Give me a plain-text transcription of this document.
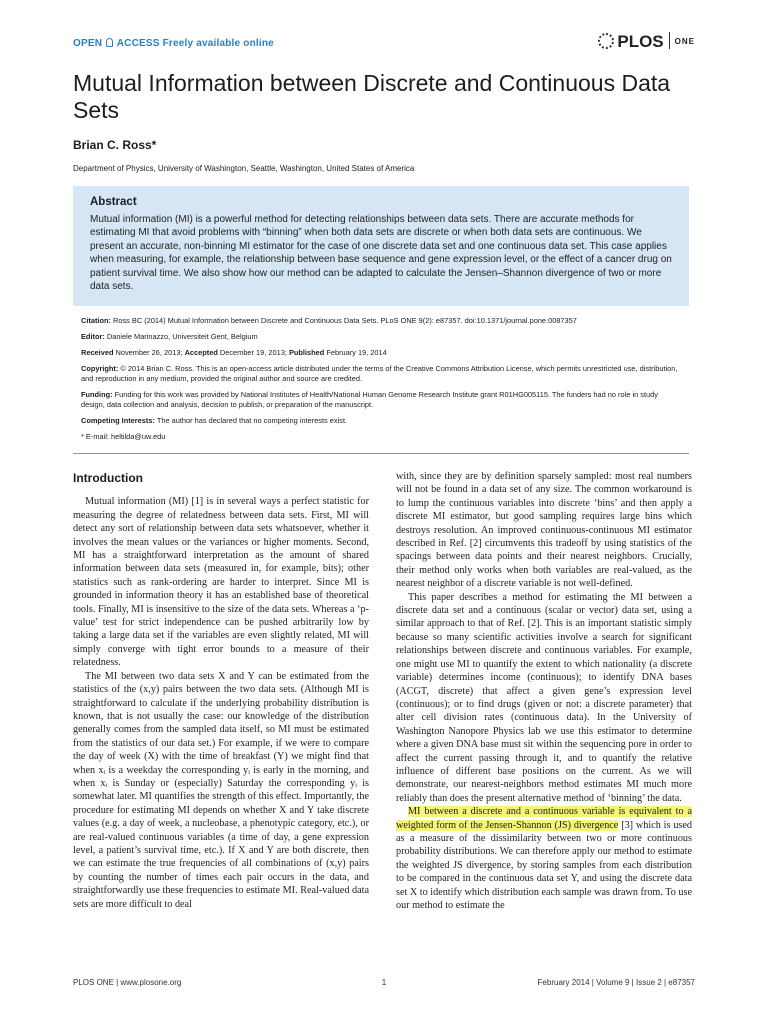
OPEN ACCESS Freely available online	PLOS ONE
Mutual Information between Discrete and Continuous Data Sets
Brian C. Ross*
Department of Physics, University of Washington, Seattle, Washington, United States of America
Abstract

Mutual information (MI) is a powerful method for detecting relationships between data sets. There are accurate methods for estimating MI that avoid problems with “binning” when both data sets are discrete or when both data sets are continuous. We present an accurate, non-binning MI estimator for the case of one discrete data set and one continuous data set. This case applies when measuring, for example, the relationship between base sequence and gene expression level, or the effect of a cancer drug on patient survival time. We also show how our method can be adapted to calculate the Jensen–Shannon divergence of two or more data sets.

Citation: Ross BC (2014) Mutual Information between Discrete and Continuous Data Sets. PLoS ONE 9(2): e87357. doi:10.1371/journal.pone.0087357
Editor: Daniele Marinazzo, Universiteit Gent, Belgium
Received November 26, 2013; Accepted December 19, 2013; Published February 19, 2014
Copyright: © 2014 Brian C. Ross. This is an open-access article distributed under the terms of the Creative Commons Attribution License, which permits unrestricted use, distribution, and reproduction in any medium, provided the original author and source are credited.
Funding: Funding for this work was provided by National Institutes of Health/National Human Genome Research Institute grant R01HG005115. The funders had no role in study design, data collection and analysis, decision to publish, or preparation of the manuscript.
Competing Interests: The author has declared that no competing interests exist.
* E-mail: heltilda@uw.edu
Introduction

Mutual information (MI) [1] is in several ways a perfect statistic for measuring the degree of relatedness between data sets. First, MI will detect any sort of relationship between data sets whatsoever, whether it involves the mean values or the variances or higher moments. Second, MI has a straightforward interpretation as the amount of shared information between data sets (measured in, for example, bits); other statistics such as rank-ordering are harder to interpret. Since MI is grounded in information theory it has an established base of theoretical tools. Finally, MI is insensitive to the size of the data sets. Whereas a ‘p-value’ test for strict independence can be pushed arbitrarily low by taking a large data set if the variables are even slightly related, MI will simply converge with tight error bounds to a measure of their relatedness.

The MI between two data sets X and Y can be estimated from the statistics of the (x,y) pairs between the two data sets. (Although MI is straightforward to calculate if the underlying probability distribution is known, that is not usually the case: our knowledge of the distribution generally comes from the sampled data itself, so MI must be estimated from the statistics of our data set.) For example, if we were to compare the day of week (X) with the time of breakfast (Y) we might find that when xᵢ is a weekday the corresponding yᵢ is early in the morning, and when xᵢ is Sunday or (especially) Saturday the corresponding yᵢ is somewhat later. MI quantifies the strength of this effect. Importantly, the procedure for estimating MI depends on whether X and Y take discrete values (e.g. a day of week, a nucleobase, a phenotypic category, etc.), or are real-valued continuous variables (a time of day, a gene expression level, a patient’s survival time, etc.). If X and Y are both discrete, then we can estimate the true frequencies of all combinations of (x,y) pairs by counting the number of times each pair occurs in the data, and straightforwardly use these frequencies to estimate MI. Real-valued data sets are more difficult to deal

with, since they are by definition sparsely sampled: most real numbers will not be found in a data set of any size. The common workaround is to lump the continuous variables into discrete ‘bins’ and then apply a discrete MI estimator, but good sampling requires large bins which destroys resolution. An improved continuous-continuous MI estimator described in Ref. [2] circumvents this tradeoff by using statistics of the spacings between data points and their nearest neighbors. Crucially, their method only works when both variables are real-valued, as the nearest neighbor of a discrete variable is not well-defined.

This paper describes a method for estimating the MI between a discrete data set and a continuous (scalar or vector) data set, using a similar approach to that of Ref. [2]. This is an important statistic simply because so many scientific activities involve a search for significant relationships between discrete and continuous variables. For example, one might use MI to quantify the extent to which nationality (a discrete variable) determines income (continuous); to identify DNA bases (ACGT, discrete) that affect a given gene’s expression level (continuous); or to find drugs (given or not: a discrete parameter) that alter cell division rates (continuous data). In the University of Washington Nanopore Physics lab we use this estimator to determine where a given DNA base must sit within the sequencing pore in order to affect the current passing through it, and to quantify the relative influence of different base positions on the current. As we will demonstrate, our nearest-neighbors method estimates MI much more reliably than does the present alternative method of ‘binning’ the data.

MI between a discrete and a continuous variable is equivalent to a weighted form of the Jensen-Shannon (JS) divergence [3] which is used as a measure of the dissimilarity between two or more continuous probability distributions. We can therefore apply our method to estimate the weighted JS divergence, by storing samples from each distribution to be compared in the continuous data set Y, and using the discrete data set X to identify which distribution each sample was drawn from. To use our method to estimate the

PLOS ONE | www.plosone.org	1	February 2014 | Volume 9 | Issue 2 | e87357
